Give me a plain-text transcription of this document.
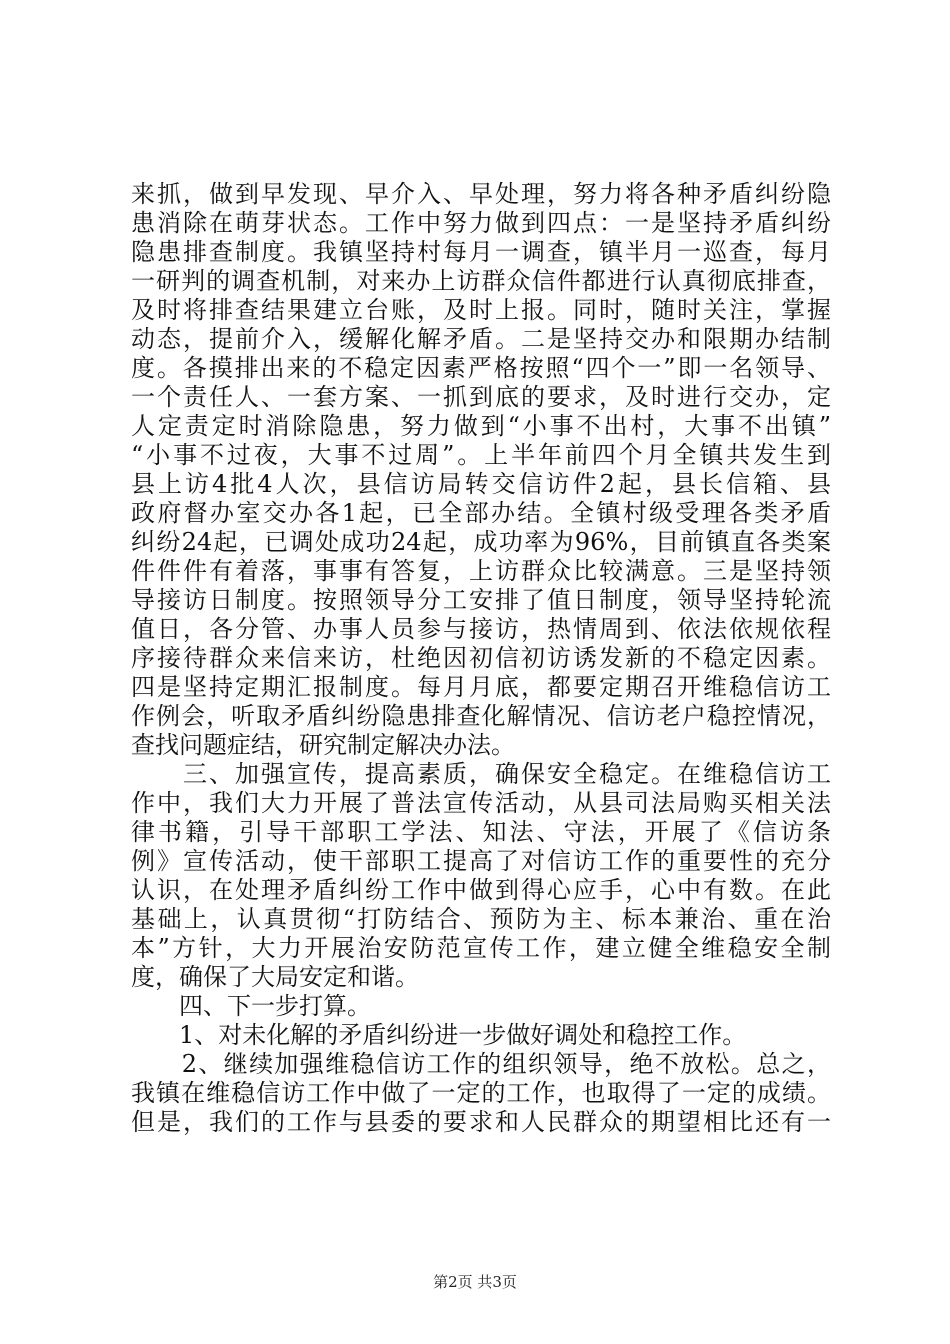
来抓，做到早发现、早介入、早处理，努力将各种矛盾纠纷隐
患消除在萌芽状态。工作中努力做到四点：一是坚持矛盾纠纷
隐患排查制度。我镇坚持村每月一调查，镇半月一巡查，每月
一研判的调查机制，对来办上访群众信件都进行认真彻底排查，
及时将排查结果建立台账，及时上报。同时，随时关注，掌握
动态，提前介入，缓解化解矛盾。二是坚持交办和限期办结制
度。各摸排出来的不稳定因素严格按照“四个一”即一名领导、
一个责任人、一套方案、一抓到底的要求，及时进行交办，定
人定责定时消除隐患，努力做到“小事不出村，大事不出镇”
“小事不过夜，大事不过周”。上半年前四个月全镇共发生到
县上访4批4人次，县信访局转交信访件2起，县长信箱、县
政府督办室交办各1起，已全部办结。全镇村级受理各类矛盾
纠纷24起，已调处成功24起，成功率为96%，目前镇直各类案
件件件有着落，事事有答复，上访群众比较满意。三是坚持领
导接访日制度。按照领导分工安排了值日制度，领导坚持轮流
值日，各分管、办事人员参与接访，热情周到、依法依规依程
序接待群众来信来访，杜绝因初信初访诱发新的不稳定因素。
四是坚持定期汇报制度。每月月底，都要定期召开维稳信访工
作例会，听取矛盾纠纷隐患排查化解情况、信访老户稳控情况，
查找问题症结，研究制定解决办法。
　　三、加强宣传，提高素质，确保安全稳定。在维稳信访工
作中，我们大力开展了普法宣传活动，从县司法局购买相关法
律书籍，引导干部职工学法、知法、守法，开展了《信访条
例》宣传活动，使干部职工提高了对信访工作的重要性的充分
认识，在处理矛盾纠纷工作中做到得心应手，心中有数。在此
基础上，认真贯彻“打防结合、预防为主、标本兼治、重在治
本”方针，大力开展治安防范宣传工作，建立健全维稳安全制
度，确保了大局安定和谐。
　　四、下一步打算。
　　1、对未化解的矛盾纠纷进一步做好调处和稳控工作。
　　2、继续加强维稳信访工作的组织领导，绝不放松。总之，
我镇在维稳信访工作中做了一定的工作，也取得了一定的成绩。
但是，我们的工作与县委的要求和人民群众的期望相比还有一
第2页 共3页
